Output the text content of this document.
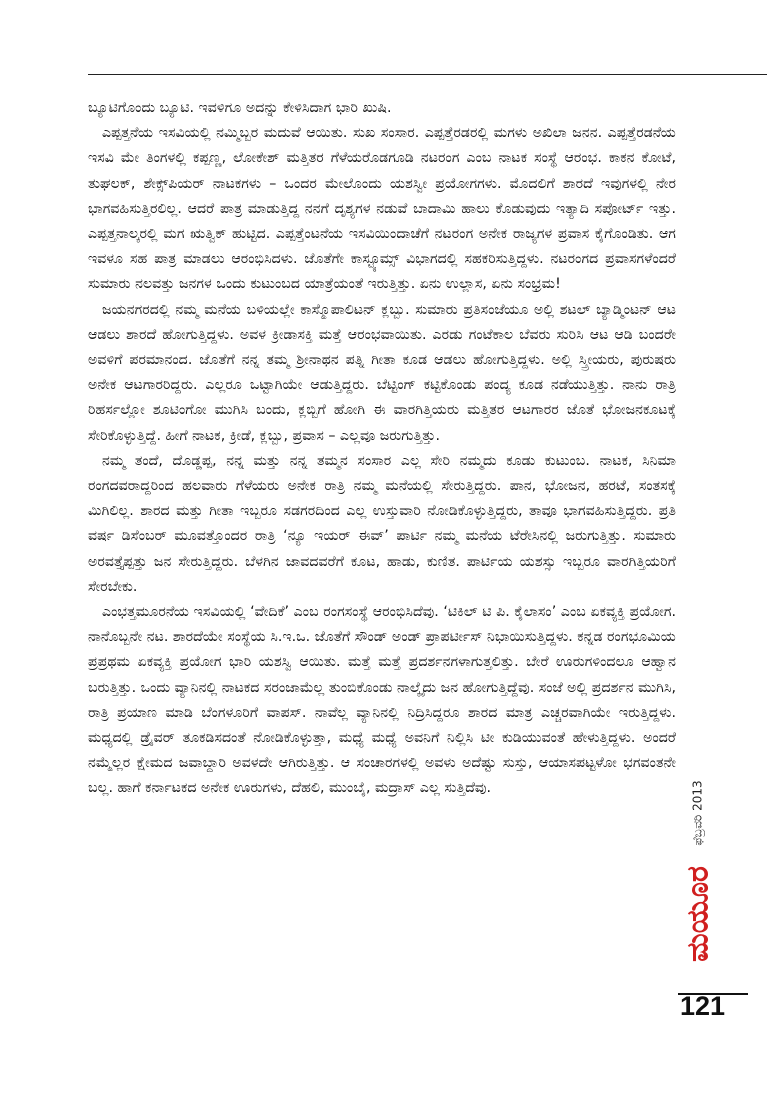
ಬ್ಯೂಟಿಗೊಂದು ಬ್ಯೂಟಿ. ಇವಳಿಗೂ ಅದನ್ನು ಕೇಳಿಸಿದಾಗ ಭಾರಿ ಖುಷಿ.

ಎಪ್ಪತ್ತನೆಯ ಇಸವಿಯಲ್ಲಿ ನಮ್ಮಿಬ್ಬರ ಮದುವೆ ಆಯಿತು. ಸುಖ ಸಂಸಾರ. ಎಪ್ಪತ್ತೆರಡರಲ್ಲಿ ಮಗಳು ಅಖಿಲಾ ಜನನ. ಎಪ್ಪತ್ತೆರಡನೆಯ ಇಸವಿ ಮೇ ತಿಂಗಳಲ್ಲಿ ಕಪ್ಪಣ್ಣ, ಲೋಕೇಶ್ ಮತ್ತಿತರ ಗೆಳೆಯರೊಡಗೂಡಿ ನಟರಂಗ ಎಂಬ ನಾಟಕ ಸಂಸ್ಥೆ ಆರಂಭ. ಕಾಕನ ಕೋಟೆ, ತುಘಲಕ್, ಶೇಕ್ಸ್‌ಪಿಯರ್ ನಾಟಕಗಳು – ಒಂದರ ಮೇಲೊಂದು ಯಶಸ್ವೀ ಪ್ರಯೋಗಗಳು. ಮೊದಲಿಗೆ ಶಾರದೆ ಇವುಗಳಲ್ಲಿ ನೇರ ಭಾಗವಹಿಸುತ್ತಿರಲಿಲ್ಲ. ಆದರೆ ಪಾತ್ರ ಮಾಡುತ್ತಿದ್ದ ನನಗೆ ದೃಶ್ಯಗಳ ನಡುವೆ ಬಾದಾಮಿ ಹಾಲು ಕೊಡುವುದು ಇತ್ಯಾದಿ ಸಪೋರ್ಟ್ ಇತ್ತು. ಎಪ್ಪತ್ತನಾಲ್ಕರಲ್ಲಿ ಮಗ ಋತ್ವಿಕ್ ಹುಟ್ಟಿದ. ಎಪ್ಪತ್ತೆಂಟನೆಯ ಇಸವಿಯಿಂದಾಚೆಗೆ ನಟರಂಗ ಅನೇಕ ರಾಜ್ಯಗಳ ಪ್ರವಾಸ ಕೈಗೊಂಡಿತು. ಆಗ ಇವಳೂ ಸಹ ಪಾತ್ರ ಮಾಡಲು ಆರಂಭಿಸಿದಳು. ಜೊತೆಗೇ ಕಾಸ್ಟ್ಯೂಮ್ಸ್ ವಿಭಾಗದಲ್ಲಿ ಸಹಕರಿಸುತ್ತಿದ್ದಳು. ನಟರಂಗದ ಪ್ರವಾಸಗಳೆಂದರೆ ಸುಮಾರು ನಲವತ್ತು ಜನಗಳ ಒಂದು ಕುಟುಂಬದ ಯಾತ್ರೆಯಂತೆ ಇರುತ್ತಿತ್ತು. ಏನು ಉಲ್ಲಾಸ, ಏನು ಸಂಭ್ರಮ!

ಜಯನಗರದಲ್ಲಿ ನಮ್ಮ ಮನೆಯ ಬಳಿಯಲ್ಲೇ ಕಾಸ್ಮೊಪಾಲಿಟನ್ ಕ್ಲಬ್ಬು. ಸುಮಾರು ಪ್ರತಿಸಂಜೆಯೂ ಅಲ್ಲಿ ಶಟಲ್ ಬ್ಯಾಡ್ಮಿಂಟನ್ ಆಟ ಆಡಲು ಶಾರದೆ ಹೋಗುತ್ತಿದ್ದಳು. ಅವಳ ಕ್ರೀಡಾಸಕ್ತಿ ಮತ್ತೆ ಆರಂಭವಾಯಿತು. ಎರಡು ಗಂಟೆಕಾಲ ಬೆವರು ಸುರಿಸಿ ಆಟ ಆಡಿ ಬಂದರೇ ಅವಳಿಗೆ ಪರಮಾನಂದ. ಜೊತೆಗೆ ನನ್ನ ತಮ್ಮ ಶ್ರೀನಾಥನ ಪತ್ನಿ ಗೀತಾ ಕೂಡ ಆಡಲು ಹೋಗುತ್ತಿದ್ದಳು. ಅಲ್ಲಿ ಸ್ತ್ರೀಯರು, ಪುರುಷರು ಅನೇಕ ಆಟಗಾರರಿದ್ದರು. ಎಲ್ಲರೂ ಒಟ್ಟಾಗಿಯೇ ಆಡುತ್ತಿದ್ದರು. ಬೆಟ್ಟಿಂಗ್ ಕಟ್ಟಿಕೊಂಡು ಪಂದ್ಯ ಕೂಡ ನಡೆಯುತ್ತಿತ್ತು. ನಾನು ರಾತ್ರಿ ರಿಹರ್ಸಲ್ಲೋ ಶೂಟಿಂಗೋ ಮುಗಿಸಿ ಬಂದು, ಕ್ಲಬ್ಬಿಗೆ ಹೋಗಿ ಈ ವಾರಗಿತ್ತಿಯರು ಮತ್ತಿತರ ಆಟಗಾರರ ಜೊತೆ ಭೋಜನಕೂಟಕ್ಕೆ ಸೇರಿಕೊಳ್ಳುತ್ತಿದ್ದೆ. ಹೀಗೆ ನಾಟಕ, ಕ್ರೀಡೆ, ಕ್ಲಬ್ಬು, ಪ್ರವಾಸ – ಎಲ್ಲವೂ ಜರುಗುತ್ತಿತ್ತು.

ನಮ್ಮ ತಂದೆ, ದೊಡ್ಡಪ್ಪ, ನನ್ನ ಮತ್ತು ನನ್ನ ತಮ್ಮನ ಸಂಸಾರ ಎಲ್ಲ ಸೇರಿ ನಮ್ಮದು ಕೂಡು ಕುಟುಂಬ. ನಾಟಕ, ಸಿನಿಮಾ ರಂಗದವರಾದ್ದರಿಂದ ಹಲವಾರು ಗೆಳೆಯರು ಅನೇಕ ರಾತ್ರಿ ನಮ್ಮ ಮನೆಯಲ್ಲಿ ಸೇರುತ್ತಿದ್ದರು. ಪಾನ, ಭೋಜನ, ಹರಟೆ, ಸಂತಸಕ್ಕೆ ಮಿಗಿಲಿಲ್ಲ. ಶಾರದ ಮತ್ತು ಗೀತಾ ಇಬ್ಬರೂ ಸಡಗರದಿಂದ ಎಲ್ಲ ಉಸ್ತುವಾರಿ ನೋಡಿಕೊಳ್ಳುತ್ತಿದ್ದರು, ತಾವೂ ಭಾಗವಹಿಸುತ್ತಿದ್ದರು. ಪ್ರತಿ ವರ್ಷ ಡಿಸೆಂಬರ್ ಮೂವತ್ತೊಂದರ ರಾತ್ರಿ ‘ನ್ಯೂ ಇಯರ್ ಈವ್’ ಪಾರ್ಟಿ ನಮ್ಮ ಮನೆಯ ಟೆರೇಸಿನಲ್ಲಿ ಜರುಗುತ್ತಿತ್ತು. ಸುಮಾರು ಅರವತ್ತೈಪ್ಪತ್ತು ಜನ ಸೇರುತ್ತಿದ್ದರು. ಬೆಳಗಿನ ಜಾವದವರೆಗೆ ಕೂಟ, ಹಾಡು, ಕುಣಿತ. ಪಾರ್ಟಿಯ ಯಶಸ್ಸು ಇಬ್ಬರೂ ವಾರಗಿತ್ತಿಯರಿಗೆ ಸೇರಬೇಕು.

ಎಂಭತ್ತಮೂರನೆಯ ಇಸವಿಯಲ್ಲಿ ‘ವೇದಿಕೆ’ ಎಂಬ ರಂಗಸಂಸ್ಥೆ ಆರಂಭಿಸಿದೆವು. ‘ಟಿಕಿಲ್ ಟಿ ಪಿ. ಕೈಲಾಸಂ’ ಎಂಬ ಏಕವ್ಯಕ್ತಿ ಪ್ರಯೋಗ. ನಾನೊಬ್ಬನೇ ನಟ. ಶಾರದೆಯೇ ಸಂಸ್ಥೆಯ ಸಿ.ಇ.ಒ. ಜೊತೆಗೆ ಸೌಂಡ್ ಅಂಡ್ ಪ್ರಾಪರ್ಟೀಸ್ ನಿಭಾಯಿಸುತ್ತಿದ್ದಳು. ಕನ್ನಡ ರಂಗಭೂಮಿಯ ಪ್ರಪ್ರಥಮ ಏಕವ್ಯಕ್ತಿ ಪ್ರಯೋಗ ಭಾರಿ ಯಶಸ್ವಿ ಆಯಿತು. ಮತ್ತೆ ಮತ್ತೆ ಪ್ರದರ್ಶನಗಳಾಗುತ್ತಲಿತ್ತು. ಬೇರೆ ಊರುಗಳಿಂದಲೂ ಆಹ್ವಾನ ಬರುತ್ತಿತ್ತು. ಒಂದು ವ್ಯಾನಿನಲ್ಲಿ ನಾಟಕದ ಸರಂಜಾಮೆಲ್ಲ ತುಂಬಿಕೊಂಡು ನಾಲ್ಕೈದು ಜನ ಹೋಗುತ್ತಿದ್ದೆವು. ಸಂಜೆ ಅಲ್ಲಿ ಪ್ರದರ್ಶನ ಮುಗಿಸಿ, ರಾತ್ರಿ ಪ್ರಯಾಣ ಮಾಡಿ ಬೆಂಗಳೂರಿಗೆ ವಾಪಸ್. ನಾವೆಲ್ಲ ವ್ಯಾನಿನಲ್ಲಿ ನಿದ್ರಿಸಿದ್ದರೂ ಶಾರದ ಮಾತ್ರ ಎಚ್ಚರವಾಗಿಯೇ ಇರುತ್ತಿದ್ದಳು. ಮಧ್ಯದಲ್ಲಿ ಡ್ರೈವರ್ ತೂಕಡಿಸದಂತೆ ನೋಡಿಕೊಳ್ಳುತ್ತಾ, ಮಧ್ಯೆ ಮಧ್ಯೆ ಅವನಿಗೆ ನಿಲ್ಲಿಸಿ ಟೀ ಕುಡಿಯುವಂತೆ ಹೇಳುತ್ತಿದ್ದಳು. ಅಂದರೆ ನಮ್ಮೆಲ್ಲರ ಕ್ಷೇಮದ ಜವಾಬ್ದಾರಿ ಅವಳದೇ ಆಗಿರುತ್ತಿತ್ತು. ಆ ಸಂಚಾರಗಳಲ್ಲಿ ಅವಳು ಅದೆಷ್ಟು ಸುಸ್ತು, ಆಯಾಸಪಟ್ಟಳೋ ಭಗವಂತನೇ ಬಲ್ಲ. ಹಾಗೆ ಕರ್ನಾಟಕದ ಅನೇಕ ಊರುಗಳು, ದೆಹಲಿ, ಮುಂಬೈ, ಮದ್ರಾಸ್ ಎಲ್ಲ ಸುತ್ತಿದೆವು.	ಫೆಬ್ರವರಿ 2013
ಮಯೂರ
121
